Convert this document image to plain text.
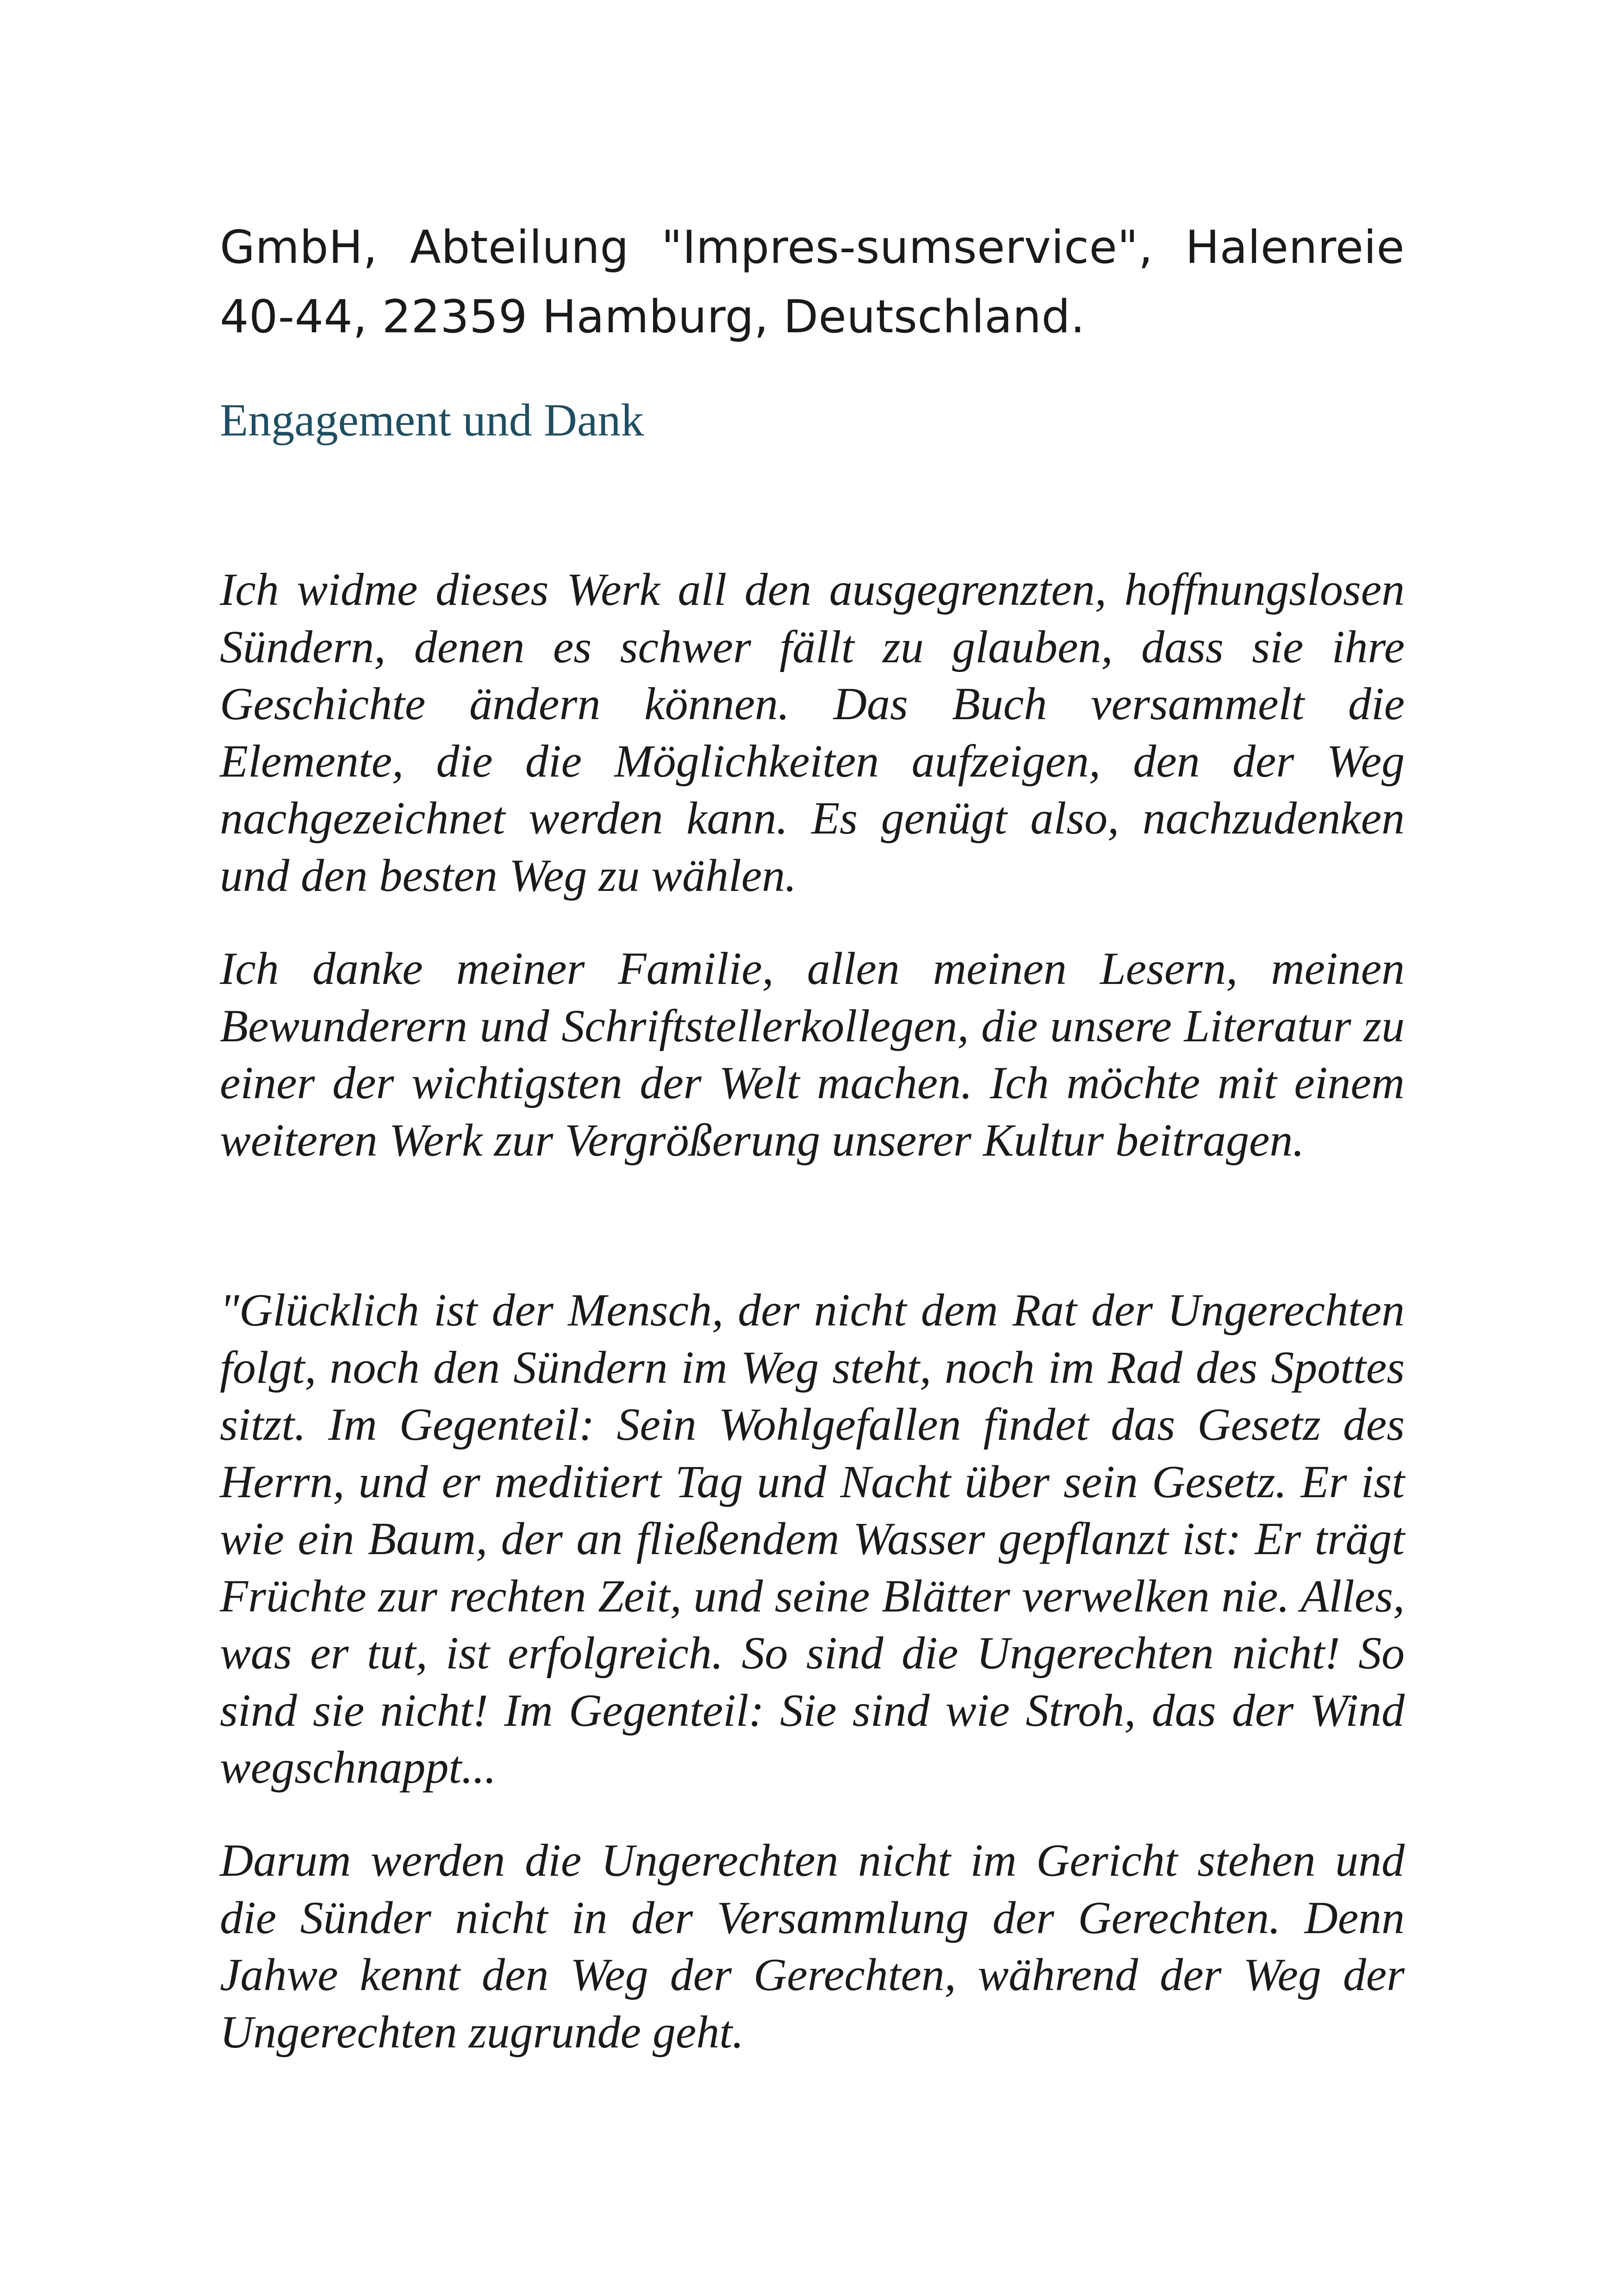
GmbH, Abteilung "Impres-sumservice", Halenreie 40-44, 22359 Hamburg, Deutschland.

Engagement und Dank

Ich widme dieses Werk all den ausgegrenzten, hoffnungslosen Sündern, denen es schwer fällt zu glauben, dass sie ihre Geschichte ändern können. Das Buch versammelt die Elemente, die die Möglichkeiten aufzeigen, den der Weg nachgezeichnet werden kann. Es genügt also, nachzudenken und den besten Weg zu wählen.

Ich danke meiner Familie, allen meinen Lesern, meinen Bewunderern und Schriftstellerkollegen, die unsere Literatur zu einer der wichtigsten der Welt machen. Ich möchte mit einem weiteren Werk zur Vergrößerung unserer Kultur beitragen.

"Glücklich ist der Mensch, der nicht dem Rat der Ungerechten folgt, noch den Sündern im Weg steht, noch im Rad des Spottes sitzt. Im Gegenteil: Sein Wohlgefallen findet das Gesetz des Herrn, und er meditiert Tag und Nacht über sein Gesetz. Er ist wie ein Baum, der an fließendem Wasser gepflanzt ist: Er trägt Früchte zur rechten Zeit, und seine Blätter verwelken nie. Alles, was er tut, ist erfolgreich. So sind die Ungerechten nicht! So sind sie nicht! Im Gegenteil: Sie sind wie Stroh, das der Wind wegschnappt...

Darum werden die Ungerechten nicht im Gericht stehen und die Sünder nicht in der Versammlung der Gerechten. Denn Jahwe kennt den Weg der Gerechten, während der Weg der Ungerechten zugrunde geht.
